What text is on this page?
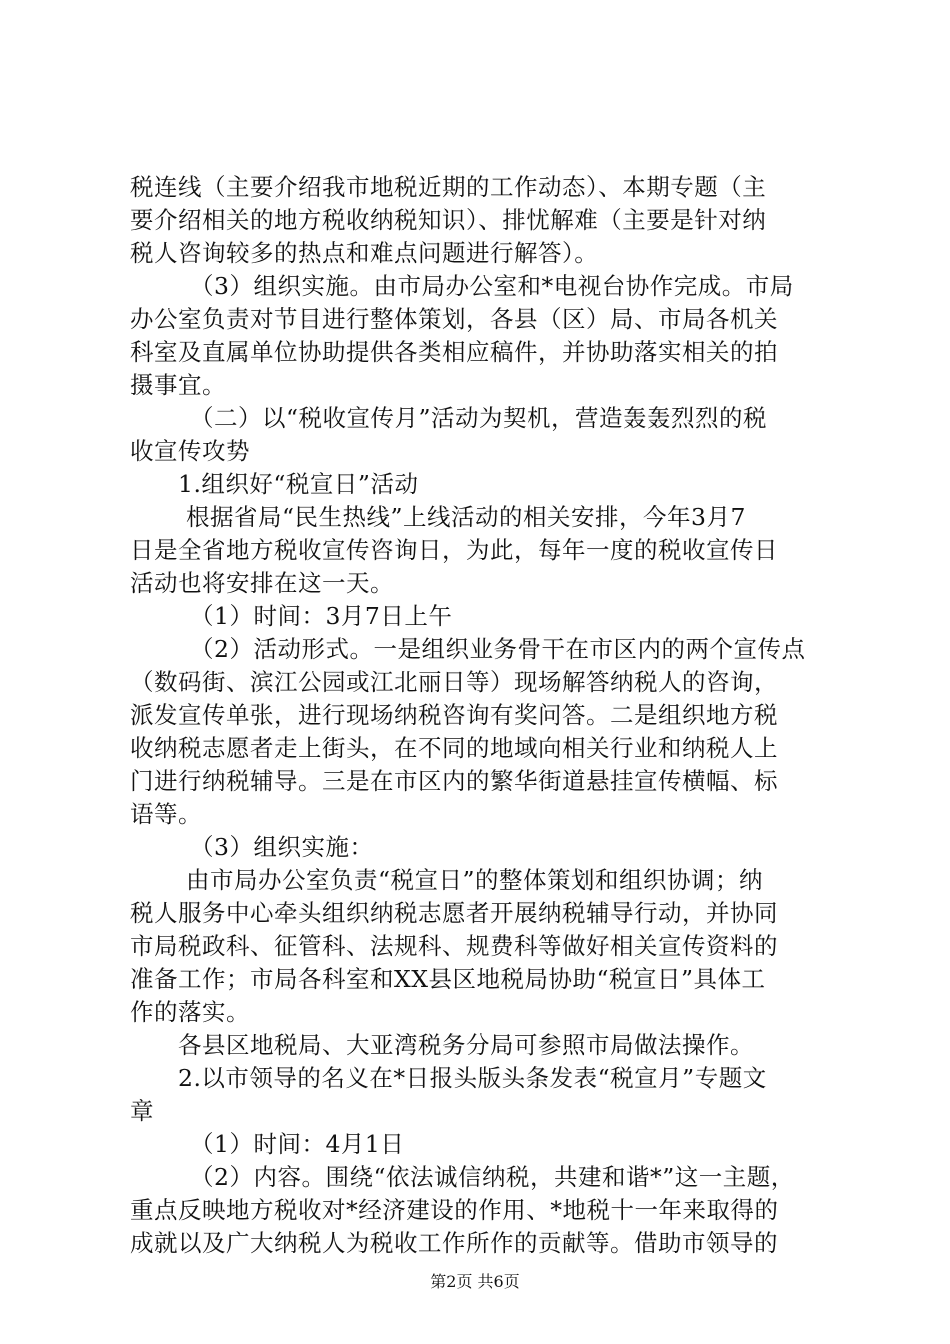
税连线（主要介绍我市地税近期的工作动态）、本期专题（主
要介绍相关的地方税收纳税知识）、排忧解难（主要是针对纳
税人咨询较多的热点和难点问题进行解答）。
（3）组织实施。由市局办公室和*电视台协作完成。市局
办公室负责对节目进行整体策划，各县（区）局、市局各机关
科室及直属单位协助提供各类相应稿件，并协助落实相关的拍
摄事宜。
（二）以“税收宣传月”活动为契机，营造轰轰烈烈的税
收宣传攻势
1.组织好“税宣日”活动
根据省局“民生热线”上线活动的相关安排，今年3月7
日是全省地方税收宣传咨询日，为此，每年一度的税收宣传日
活动也将安排在这一天。
（1）时间：3月7日上午
（2）活动形式。一是组织业务骨干在市区内的两个宣传点
（数码街、滨江公园或江北丽日等）现场解答纳税人的咨询，
派发宣传单张，进行现场纳税咨询有奖问答。二是组织地方税
收纳税志愿者走上街头，在不同的地域向相关行业和纳税人上
门进行纳税辅导。三是在市区内的繁华街道悬挂宣传横幅、标
语等。
（3）组织实施：
由市局办公室负责“税宣日”的整体策划和组织协调；纳
税人服务中心牵头组织纳税志愿者开展纳税辅导行动，并协同
市局税政科、征管科、法规科、规费科等做好相关宣传资料的
准备工作；市局各科室和XX县区地税局协助“税宣日”具体工
作的落实。
各县区地税局、大亚湾税务分局可参照市局做法操作。
2.以市领导的名义在*日报头版头条发表“税宣月”专题文
章
（1）时间：4月1日
（2）内容。围绕“依法诚信纳税，共建和谐*”这一主题，
重点反映地方税收对*经济建设的作用、*地税十一年来取得的
成就以及广大纳税人为税收工作所作的贡献等。借助市领导的
第2页 共6页
